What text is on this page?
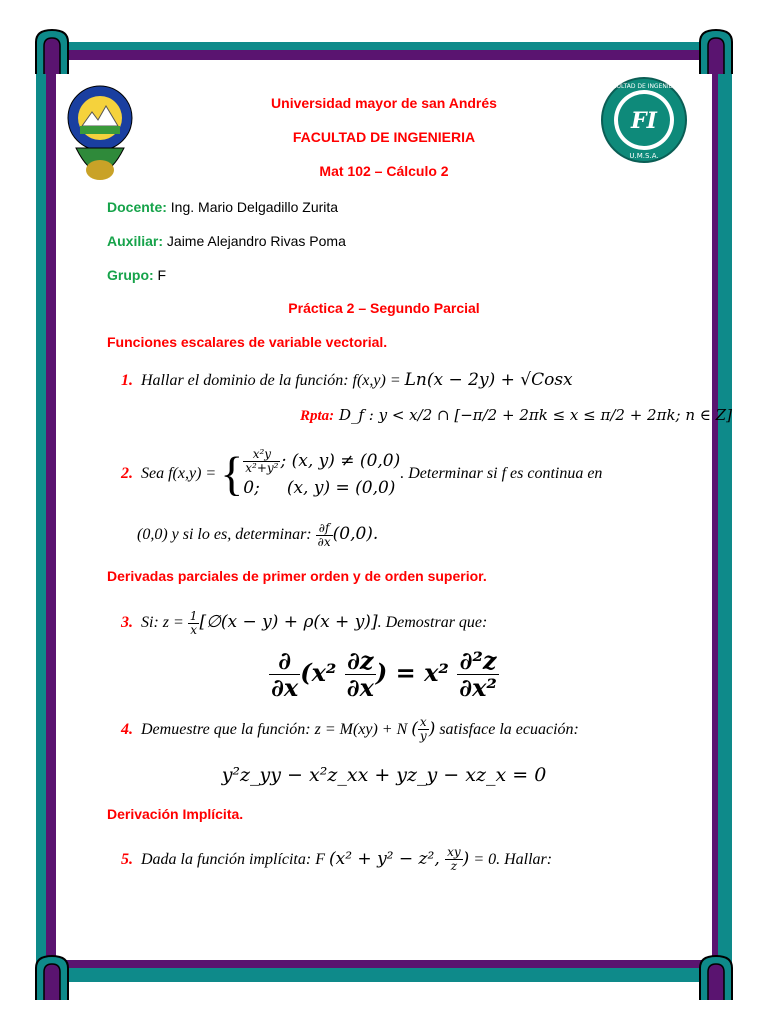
FI
U.M.S.A.
FACULTAD DE INGENIERIA
Universidad mayor de san Andrés
FACULTAD DE INGENIERIA
Mat 102 – Cálculo 2
Docente: Ing. Mario Delgadillo Zurita
Auxiliar: Jaime Alejandro Rivas Poma
Grupo: F
Práctica 2 – Segundo Parcial
Funciones escalares de variable vectorial.
1. Hallar el dominio de la función: f(x,y) = Ln(x − 2y) + √Cosx
Rpta: D_f : y < x/2 ∩ [−π/2 + 2πk ≤ x ≤ π/2 + 2πk; n ∈ Z]
2. Sea f(x,y) = { $\frac{\text{x²y}}{\text{x²+y²}}$ ; (x, y) ≠ (0,0)
0; (x, y) = (0,0)
. Determinar si f es continua en
(0,0) y si lo es, determinar: $\frac{\partial f}{\partial x} (0,0)$.
Derivadas parciales de primer orden y de orden superior.
3. Si: $z = \frac{1}{x}$ [∅(x − y) + ρ(x + y)]. Demostrar que:
$\frac{\partial}{\partial x} (x^2 \frac{\partial z}{\partial x}$ ) = $x^2 \frac{\text{∂²z}}{\text{∂x²}}$
4. Demuestre que la función: z = M(xy) + N ( $\frac{x}{y}$ ) satisface la ecuación:
y²z_yy − x²z_xx + yz_y − xz_x = 0
Derivación Implícita.
5. Dada la función implícita: F (x² + y² − z², $\frac{xy}{z}$ ) = 0. Hallar:
